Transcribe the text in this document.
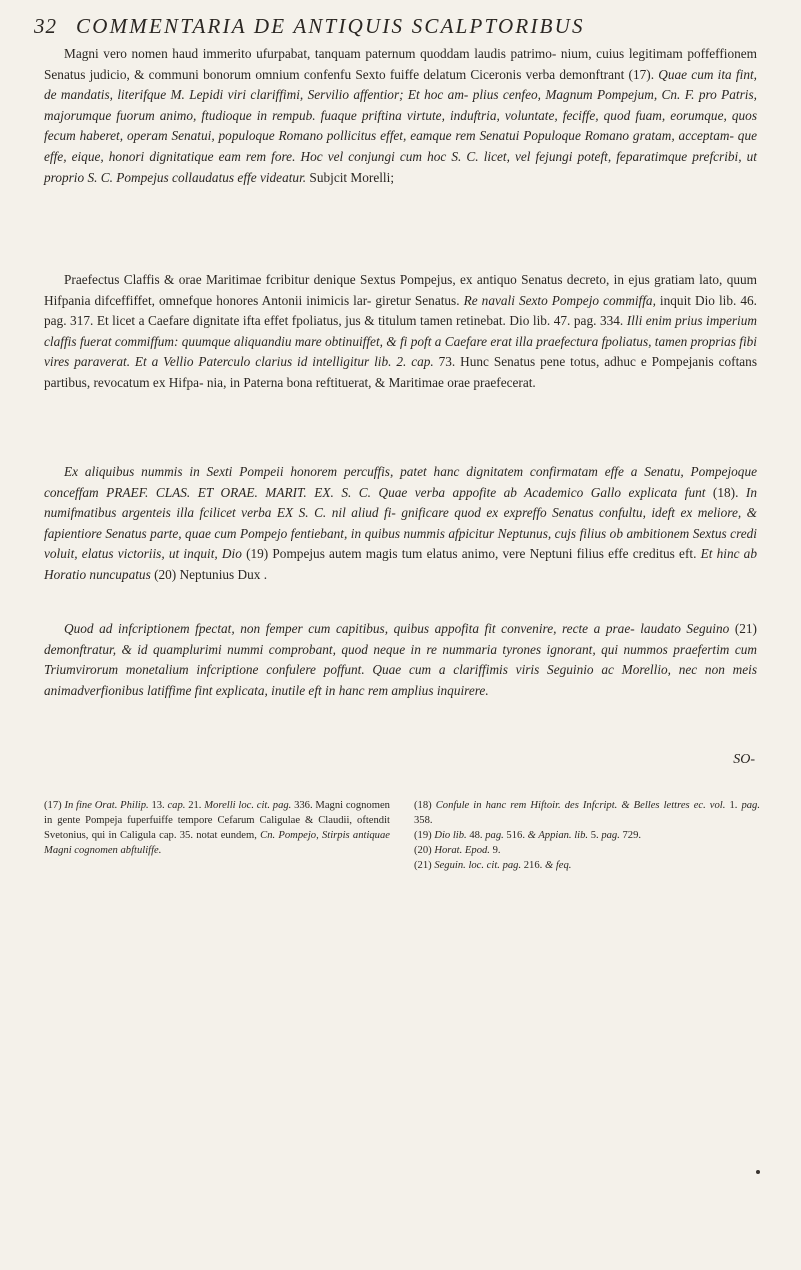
32 COMMENTARIA DE ANTIQUIS SCALPTORIBUS

Magni vero nomen haud immerito ufurpabat, tanquam paternum quoddam laudis patrimo- nium, cuius legitimam poffeffionem Senatus judicio, & communi bonorum omnium confenfu Sexto fuiffe delatum Ciceronis verba demonftrant (17). Quae cum ita fint, de mandatis, literifque M. Lepidi viri clariffimi, Servilio affentior; Et hoc am- plius cenfeo, Magnum Pompejum, Cn. F. pro Patris, majorumque fuorum animo, ftudioque in rempub. fuaque priftina virtute, induftria, voluntate, feciffe, quod fuam, eorumque, quos fecum haberet, operam Senatui, populoque Romano pollicitus effet, eamque rem Senatui Populoque Romano gratam, acceptam- que effe, eique, honori dignitatique eam rem fore. Hoc vel conjungi cum hoc S. C. licet, vel fejungi poteft, feparatimque prefcribi, ut proprio S. C. Pompejus collaudatus effe videatur. Subjcit Morelli;

Praefectus Claffis & orae Maritimae fcribitur denique Sextus Pompejus, ex antiquo Senatus decreto, in ejus gratiam lato, quum Hifpania difceffiffet, omnefque honores Antonii inimicis lar- giretur Senatus. Re navali Sexto Pompejo commiffa, inquit Dio lib. 46. pag. 317. Et licet a Caefare dignitate ifta effet fpoliatus, jus & titulum tamen retinebat. Dio lib. 47. pag. 334. Illi enim prius imperium claffis fuerat commiffum: quumque aliquandiu mare obtinuiffet, & fi poft a Caefare erat illa praefectura fpoliatus, tamen proprias fibi vires paraverat. Et a Vellio Paterculo clarius id intelligitur lib. 2. cap. 73. Hunc Senatus pene totus, adhuc e Pompejanis coftans partibus, revocatum ex Hifpa- nia, in Paterna bona reftituerat, & Maritimae orae praefecerat.

Ex aliquibus nummis in Sexti Pompeii honorem percuffis, patet hanc dignitatem confirmatam effe a Senatu, Pompejoque conceffam PRAEF. CLAS. ET ORAE. MARIT. EX. S. C. Quae verba appofite ab Academico Gallo explicata funt (18). In numifmatibus argenteis illa fcilicet verba EX S. C. nil aliud fi- gnificare quod ex expreffo Senatus confultu, ideft ex meliore, & fapientiore Senatus parte, quae cum Pompejo fentiebant, in quibus nummis afpicitur Neptunus, cujs filius ob ambitionem Sextus credi voluit, elatus victoriis, ut inquit, Dio (19) Pompejus autem magis tum elatus animo, vere Neptuni filius effe creditus eft. Et hinc ab Horatio nuncupatus (20) Neptunius Dux .

Quod ad infcriptionem fpectat, non femper cum capitibus, quibus appofita fit convenire, recte a prae- laudato Seguino (21) demonftratur, & id quamplurimi nummi comprobant, quod neque in re nummaria tyrones ignorant, qui nummos praefertim cum Triumvirorum monetalium infcriptione confulere poffunt. Quae cum a clariffimis viris Seguinio ac Morellio, nec non meis animadverfionibus latiffime fint explicata, inutile eft in hanc rem amplius inquirere.

SO-

(17) In fine Orat. Philip. 13. cap. 21. Morelli loc. cit. pag. 336. Magni cognomen in gente Pompeja fuperfuiffe tempore Cefarum Caligulae & Claudii, oftendit Svetonius, qui in Caligula cap. 35. notat eundem, Cn. Pompejo, Stirpis antiquae Magni cognomen abftuliffe.

(18) Confule in hanc rem Hiftoir. des Infcript. & Belles lettres ec. vol. 1. pag. 358.

(19) Dio lib. 48. pag. 516. & Appian. lib. 5. pag. 729.

(20) Horat. Epod. 9.

(21) Seguin. loc. cit. pag. 216. & feq.
